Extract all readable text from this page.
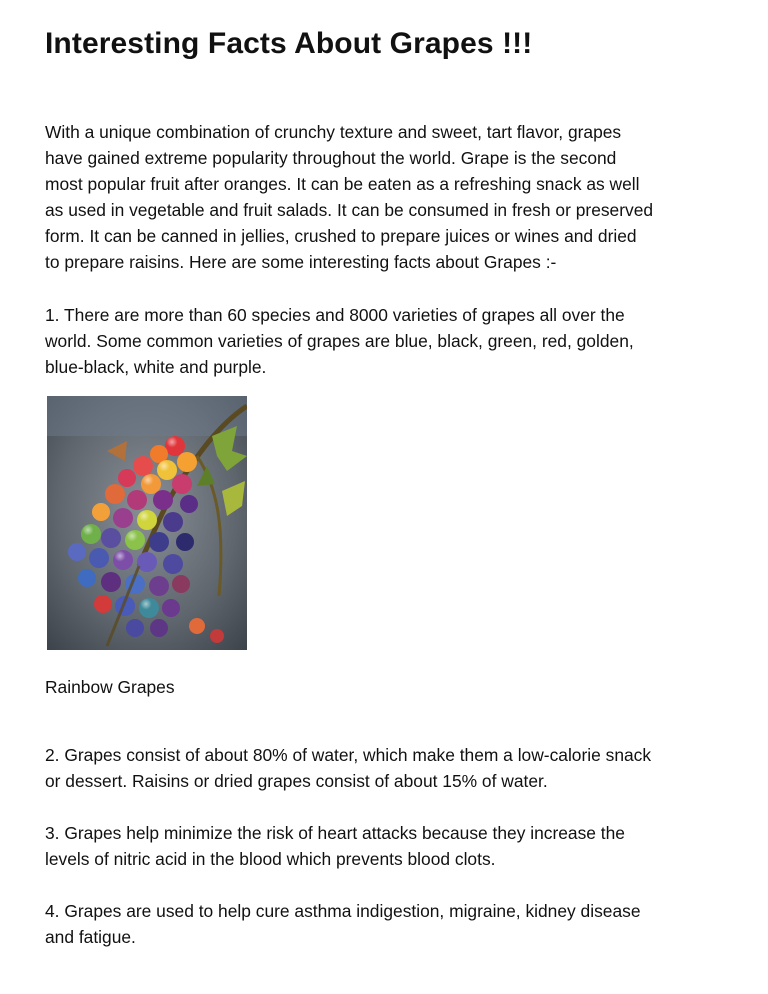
Interesting Facts About Grapes !!!

With a unique combination of crunchy texture and sweet, tart flavor, grapes
have gained extreme popularity throughout the world. Grape is the second
most popular fruit after oranges. It can be eaten as a refreshing snack as well
as used in vegetable and fruit salads. It can be consumed in fresh or preserved
form. It can be canned in jellies, crushed to prepare juices or wines and dried
to prepare raisins. Here are some interesting facts about Grapes :-

1. There are more than 60 species and 8000 varieties of grapes all over the
world. Some common varieties of grapes are blue, black, green, red, golden,
blue-black, white and purple.

Rainbow Grapes

2. Grapes consist of about 80% of water, which make them a low-calorie snack
or dessert. Raisins or dried grapes consist of about 15% of water.

3. Grapes help minimize the risk of heart attacks because they increase the
levels of nitric acid in the blood which prevents blood clots.

4. Grapes are used to help cure asthma indigestion, migraine, kidney disease
and fatigue.
